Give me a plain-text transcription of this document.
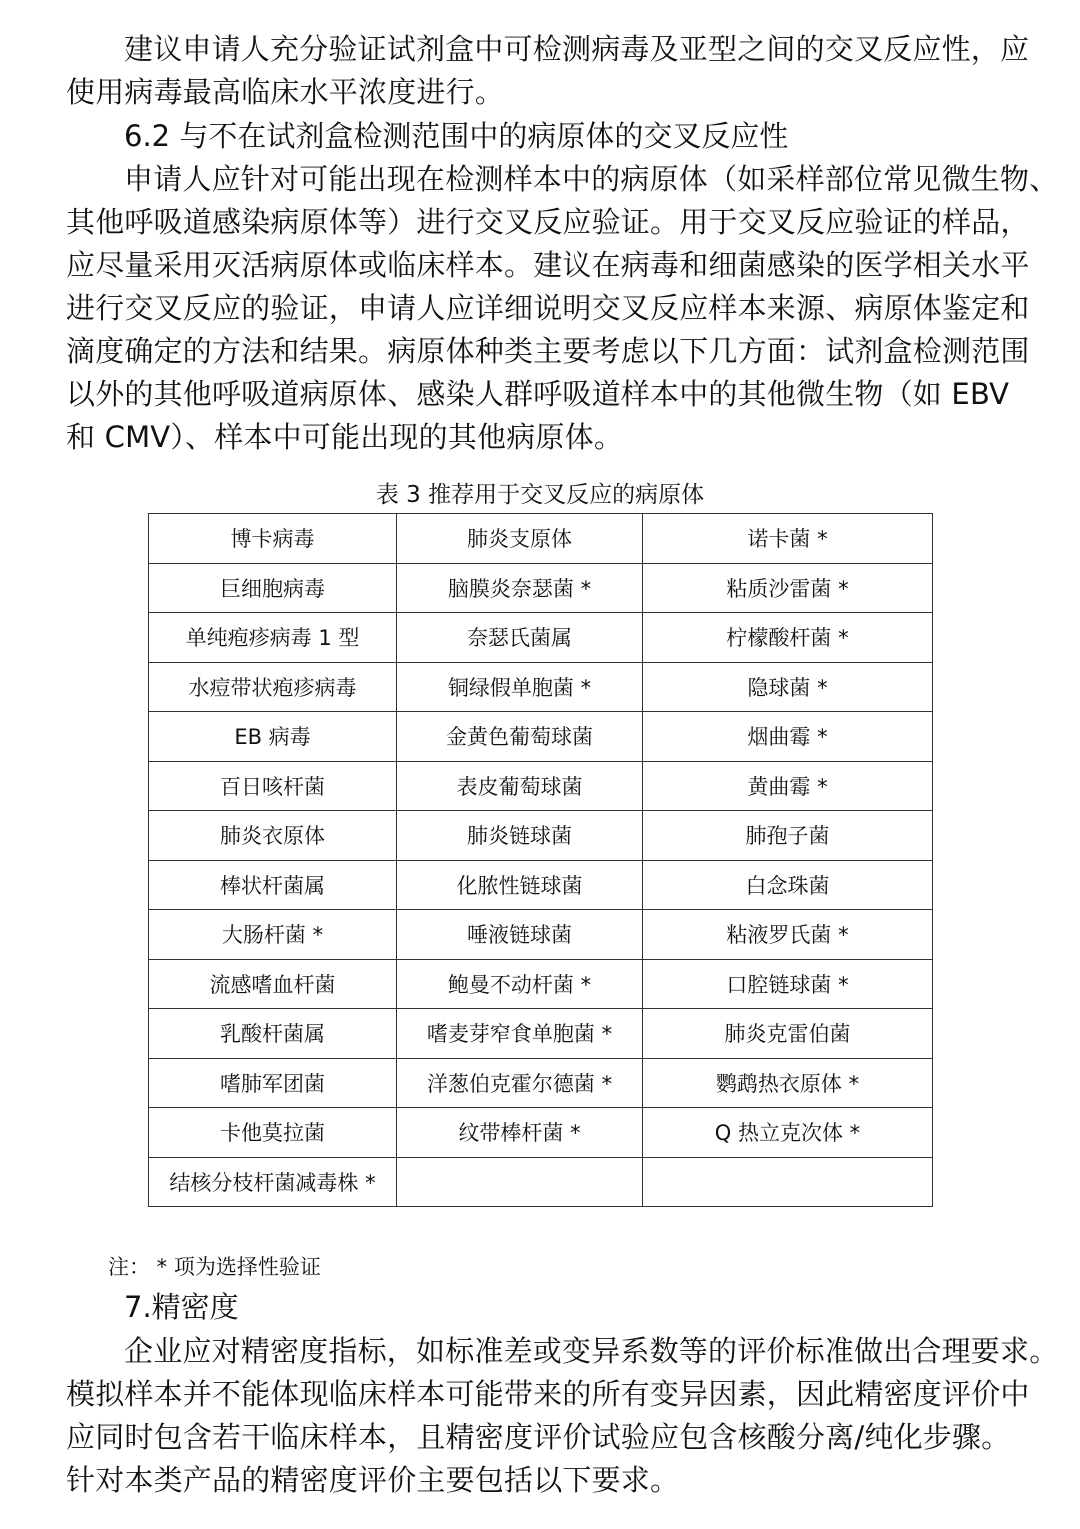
建议申请人充分验证试剂盒中可检测病毒及亚型之间的交叉反应性，应
使用病毒最高临床水平浓度进行。
6.2 与不在试剂盒检测范围中的病原体的交叉反应性
申请人应针对可能出现在检测样本中的病原体（如采样部位常见微生物、
其他呼吸道感染病原体等）进行交叉反应验证。用于交叉反应验证的样品，
应尽量采用灭活病原体或临床样本。建议在病毒和细菌感染的医学相关水平
进行交叉反应的验证，申请人应详细说明交叉反应样本来源、病原体鉴定和
滴度确定的方法和结果。病原体种类主要考虑以下几方面：试剂盒检测范围
以外的其他呼吸道病原体、感染人群呼吸道样本中的其他微生物（如 EBV
和 CMV）、样本中可能出现的其他病原体。
表 3 推荐用于交叉反应的病原体
博卡病毒	肺炎支原体	诺卡菌 *
巨细胞病毒	脑膜炎奈瑟菌 *	粘质沙雷菌 *
单纯疱疹病毒 1 型	奈瑟氏菌属	柠檬酸杆菌 *
水痘带状疱疹病毒	铜绿假单胞菌 *	隐球菌 *
EB 病毒	金黄色葡萄球菌	烟曲霉 *
百日咳杆菌	表皮葡萄球菌	黄曲霉 *
肺炎衣原体	肺炎链球菌	肺孢子菌
棒状杆菌属	化脓性链球菌	白念珠菌
大肠杆菌 *	唾液链球菌	粘液罗氏菌 *
流感嗜血杆菌	鲍曼不动杆菌 *	口腔链球菌 *
乳酸杆菌属	嗜麦芽窄食单胞菌 *	肺炎克雷伯菌
嗜肺军团菌	洋葱伯克霍尔德菌 *	鹦鹉热衣原体 *
卡他莫拉菌	纹带棒杆菌 *	Q 热立克次体 *
结核分枝杆菌减毒株 *		
注： * 项为选择性验证
7.精密度
企业应对精密度指标，如标准差或变异系数等的评价标准做出合理要求。
模拟样本并不能体现临床样本可能带来的所有变异因素，因此精密度评价中
应同时包含若干临床样本，且精密度评价试验应包含核酸分离/纯化步骤。
针对本类产品的精密度评价主要包括以下要求。
